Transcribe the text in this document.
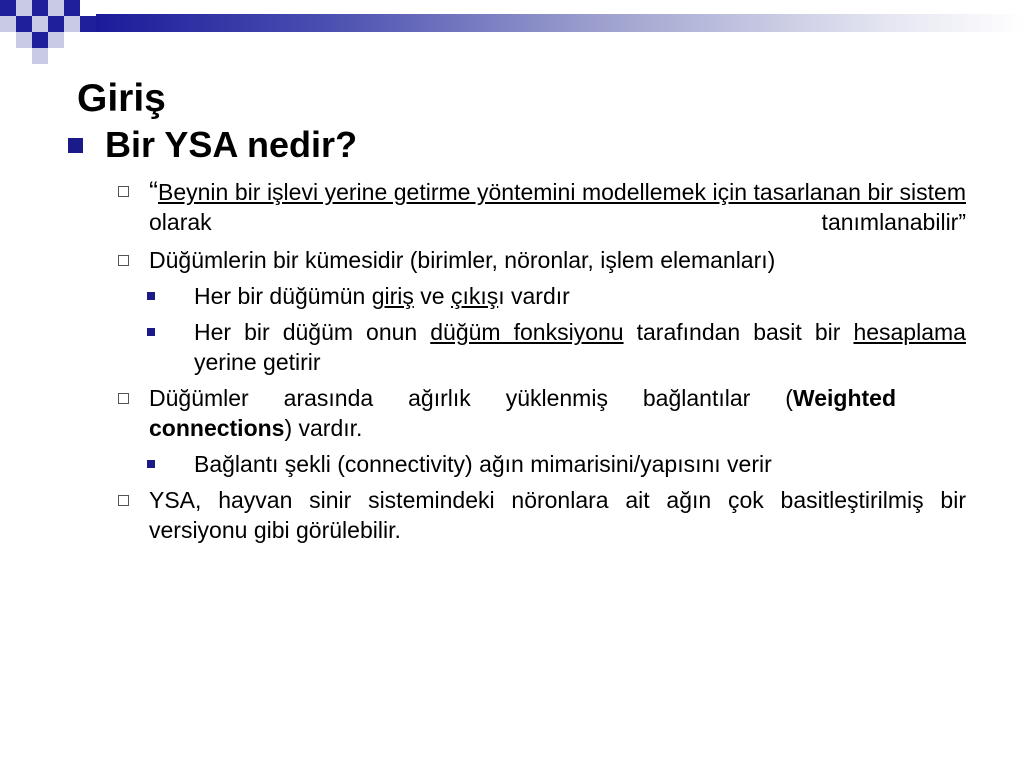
Giriş
Bir YSA nedir?
“Beynin bir işlevi yerine getirme yöntemini modellemek için tasarlanan bir sistem olarak tanımlanabilir”
Düğümlerin bir kümesidir (birimler, nöronlar, işlem elemanları)
Her bir düğümün giriş ve çıkışı vardır
Her bir düğüm onun düğüm fonksiyonu tarafından basit bir hesaplama yerine getirir
Düğümler arasında ağırlık yüklenmiş bağlantılar (Weighted connections) vardır.
Bağlantı şekli (connectivity) ağın mimarisini/yapısını verir
YSA, hayvan sinir sistemindeki nöronlara ait ağın çok basitleştirilmiş bir versiyonu gibi görülebilir.
